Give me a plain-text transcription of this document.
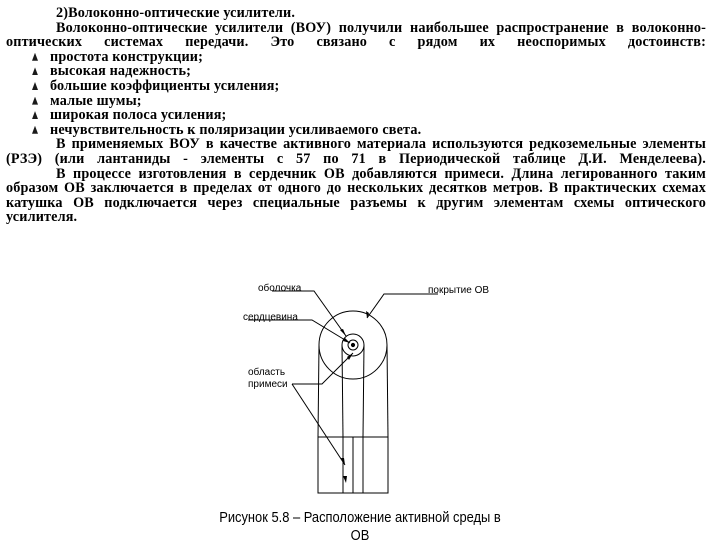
2)Волоконно-оптические усилители.

Волоконно-оптические усилители (ВОУ) получили наибольшее распространение в волоконно-оптических системах передачи. Это связано с рядом их неоспоримых достоинств:

простота конструкции;
высокая надежность;
большие коэффициенты усиления;
малые шумы;
широкая полоса усиления;
нечувствительность к поляризации усиливаемого света.

В применяемых ВОУ в качестве активного материала используются редкоземельные элементы (РЗЭ) (или лантаниды - элементы с 57 по 71 в Периодической таблице Д.И. Менделеева).

В процессе изготовления в сердечник ОВ добавляются примеси. Длина легированного таким образом ОВ заключается в пределах от одного до нескольких десятков метров. В практических схемах катушка ОВ подключается через специальные разъемы к другим элементам схемы оптического усилителя.

оболочка
сердцевина
покрытие ОВ
область
примеси
Рисунок 5.8 – Расположение активной среды в ОВ
